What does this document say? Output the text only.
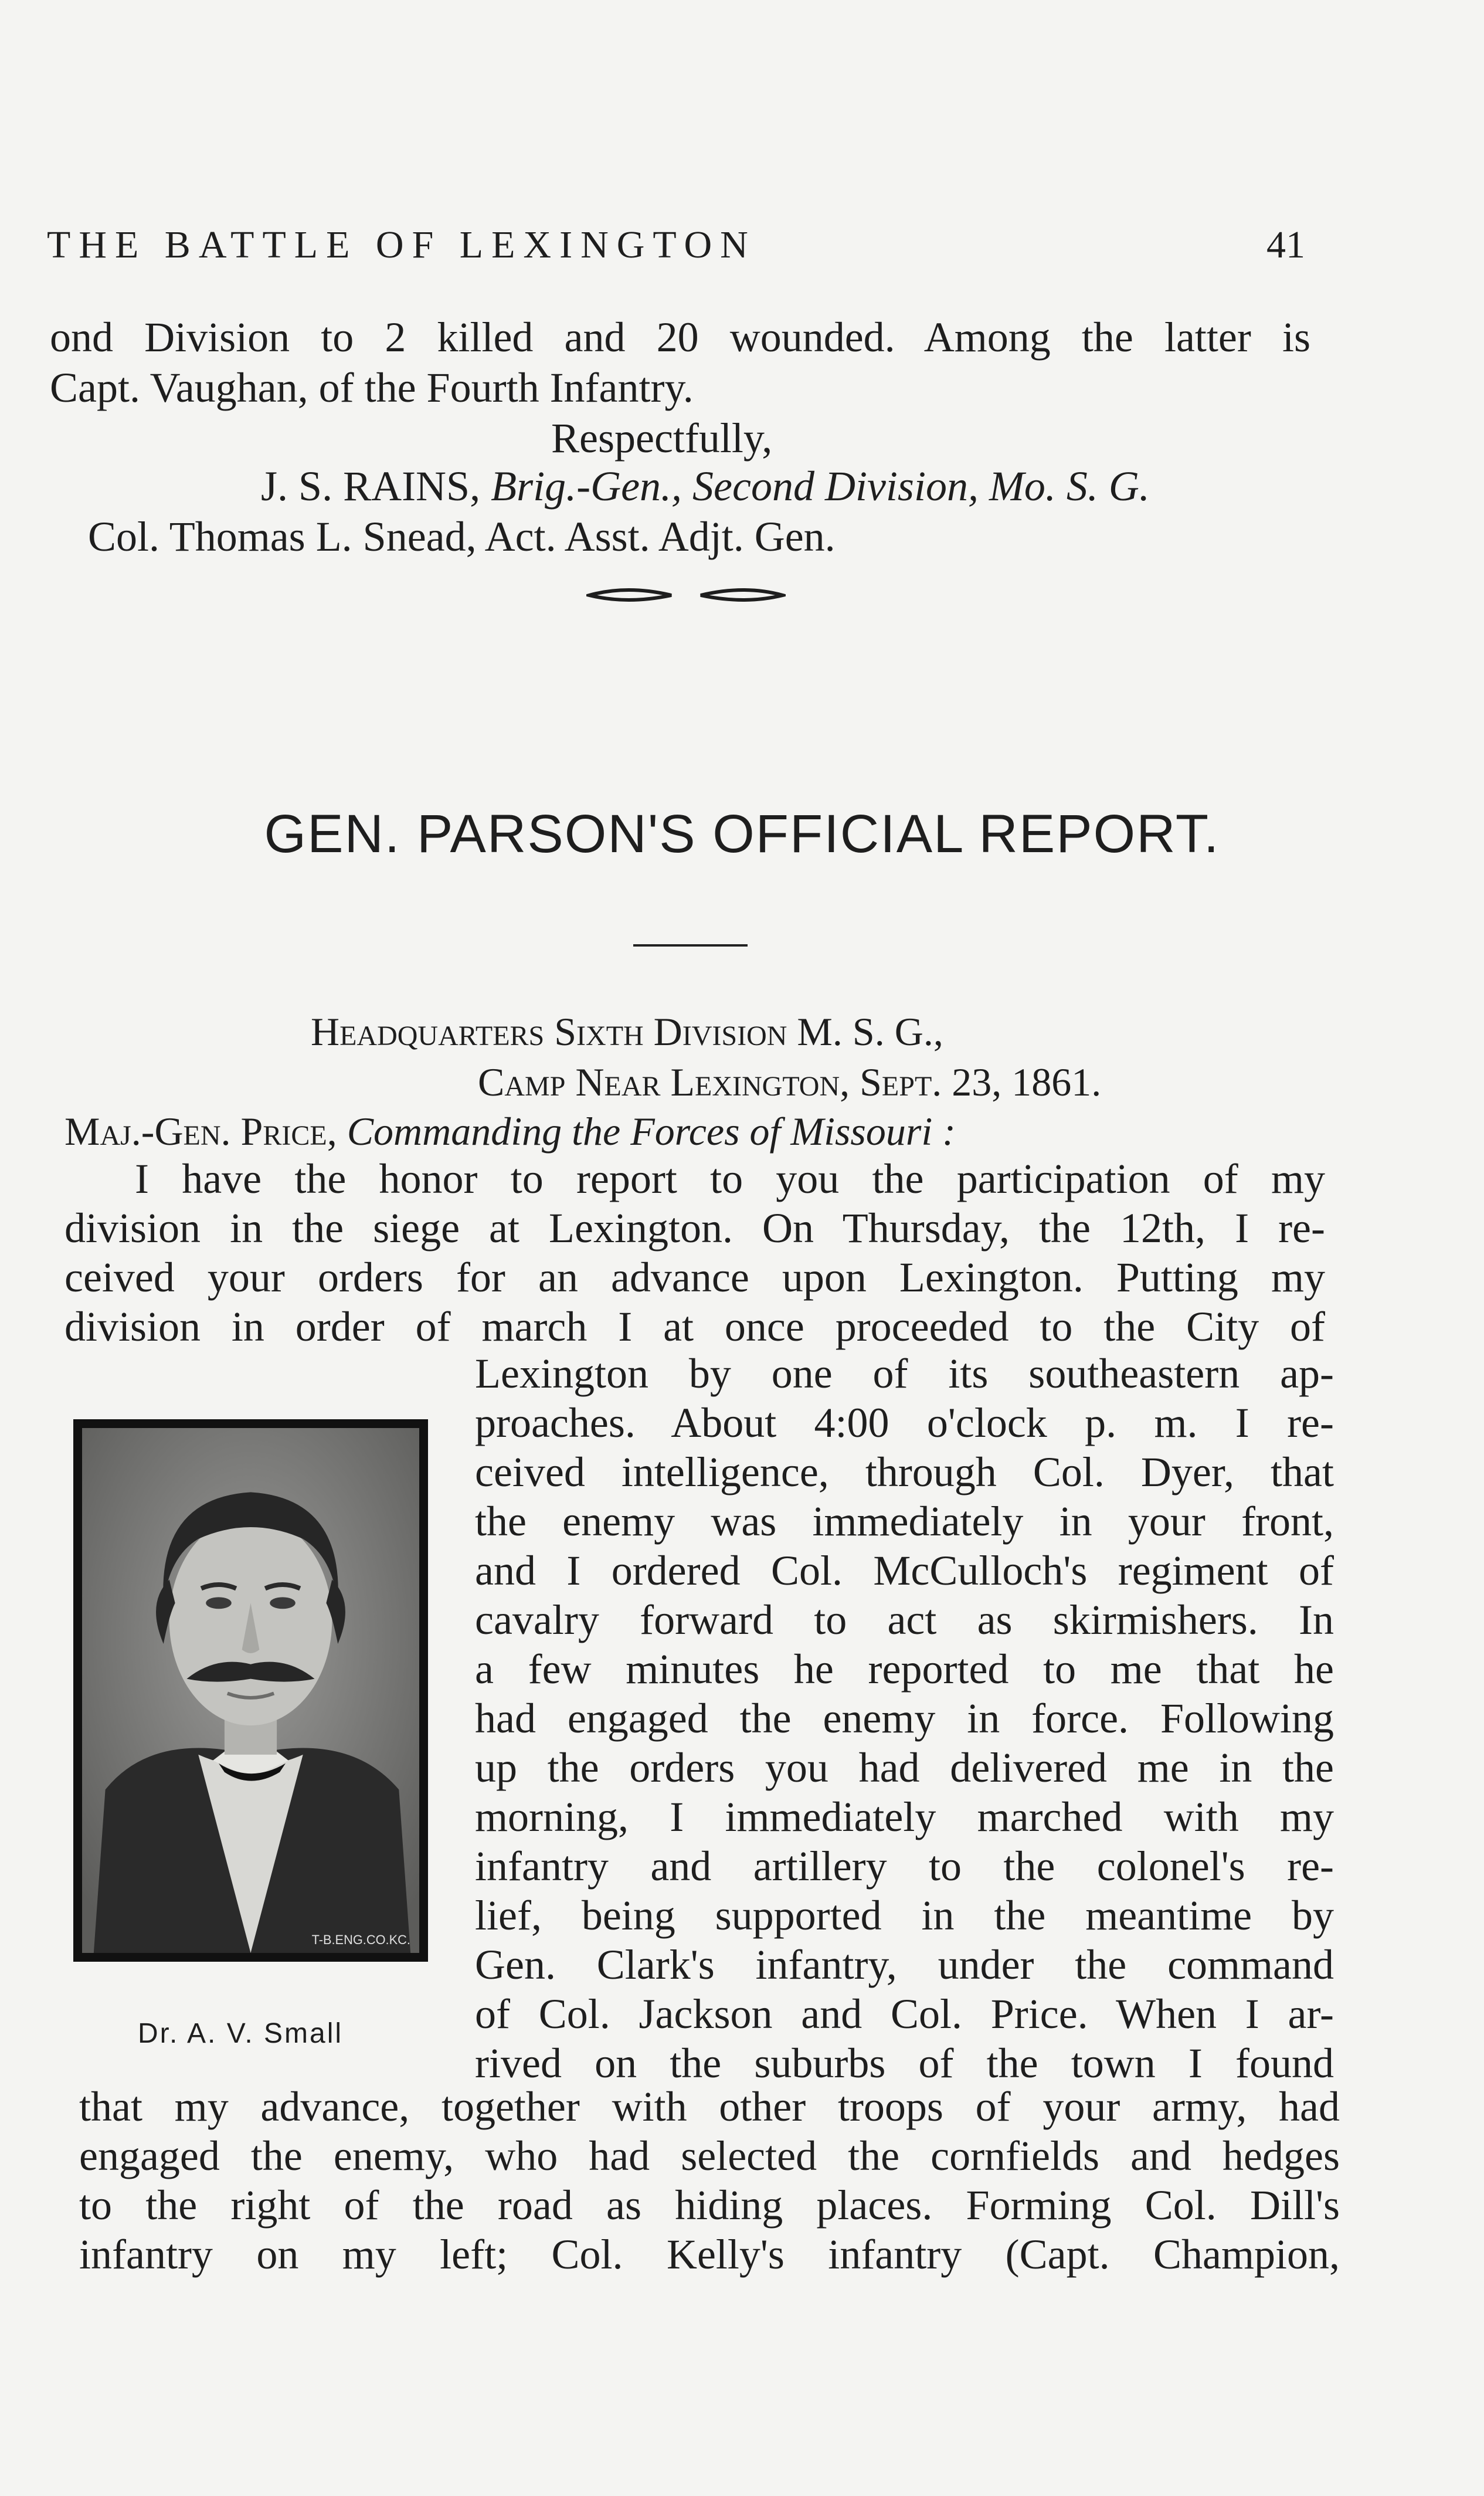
THE BATTLE OF LEXINGTON	41
ond Division to 2 killed and 20 wounded. Among the latter is
Capt. Vaughan, of the Fourth Infantry.
Respectfully,
J. S. RAINS, Brig.-Gen., Second Division, Mo. S. G.
Col. Thomas L. Snead, Act. Asst. Adjt. Gen.
GEN. PARSON'S OFFICIAL REPORT.
Headquarters Sixth Division M. S. G.,
Camp Near Lexington, Sept. 23, 1861.
Maj.-Gen. Price, Commanding the Forces of Missouri :
I have the honor to report to you the participation of my
division in the siege at Lexington. On Thursday, the 12th, I re-
ceived your orders for an advance upon Lexington. Putting my
division in order of march I at once proceeded to the City of
T-B.ENG.CO.KC.
Dr. A. V. Small
Lexington by one of its southeastern ap-
proaches. About 4:00 o'clock p. m. I re-
ceived intelligence, through Col. Dyer, that
the enemy was immediately in your front,
and I ordered Col. McCulloch's regiment of
cavalry forward to act as skirmishers. In
a few minutes he reported to me that he
had engaged the enemy in force. Following
up the orders you had delivered me in the
morning, I immediately marched with my
infantry and artillery to the colonel's re-
lief, being supported in the meantime by
Gen. Clark's infantry, under the command
of Col. Jackson and Col. Price. When I ar-
rived on the suburbs of the town I found
that my advance, together with other troops of your army, had
engaged the enemy, who had selected the cornfields and hedges
to the right of the road as hiding places. Forming Col. Dill's
infantry on my left; Col. Kelly's infantry (Capt. Champion,
